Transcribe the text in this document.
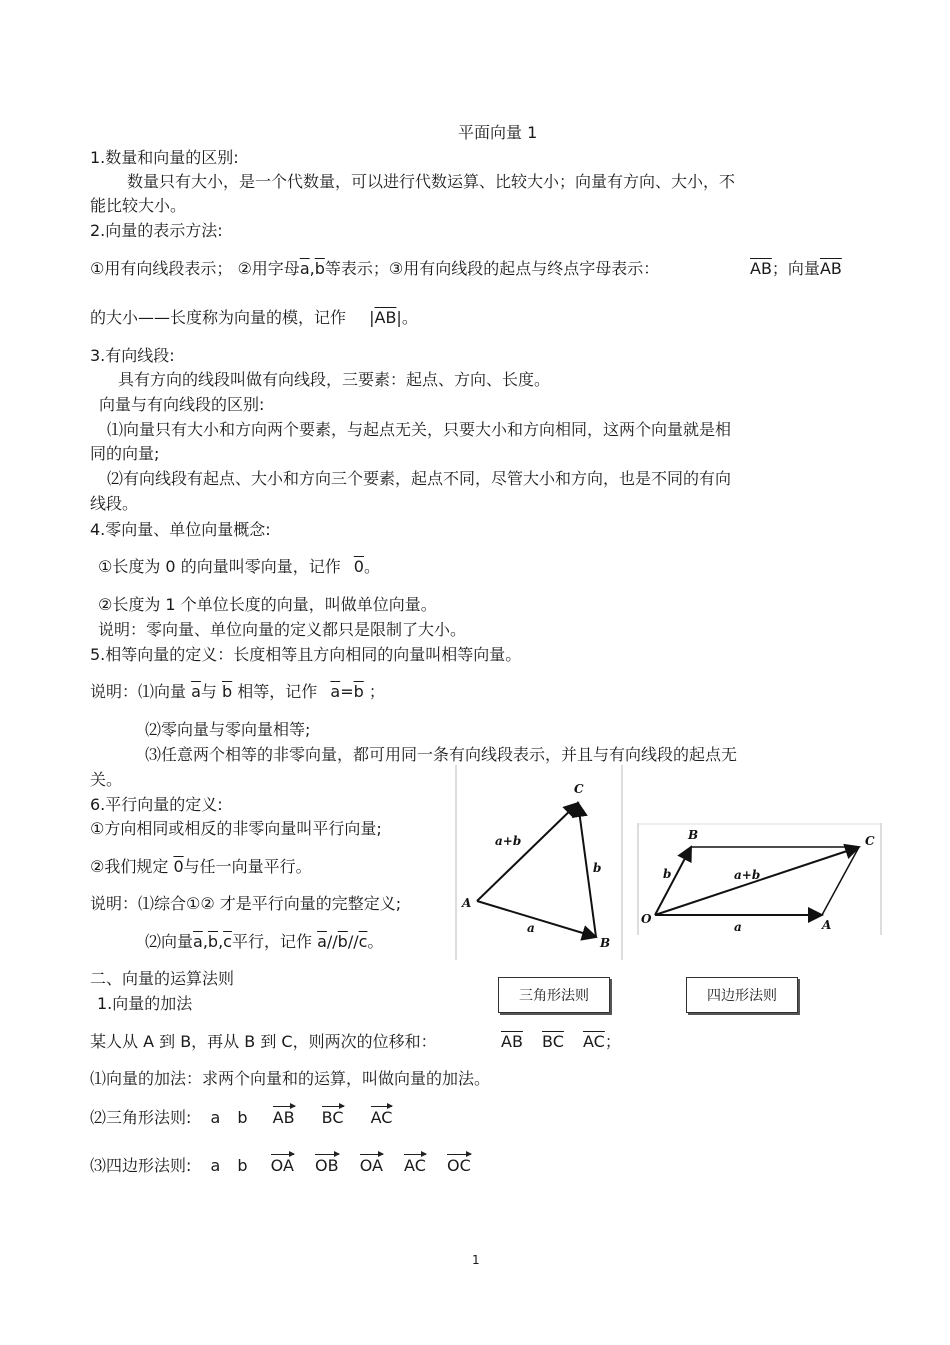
平面向量 1
1.数量和向量的区别:
数量只有大小，是一个代数量，可以进行代数运算、比较大小；向量有方向、大小，不
能比较大小。
2.向量的表示方法:
①用有向线段表示； ②用字母$\overline{a},\overline{b}$等表示；③用有向线段的起点与终点字母表示：	$\overline{AB}$；向量$\overline{AB}$
的大小——长度称为向量的模，记作 $|\overline{AB}|$。
3.有向线段:
具有方向的线段叫做有向线段，三要素：起点、方向、长度。
向量与有向线段的区别:
⑴向量只有大小和方向两个要素，与起点无关，只要大小和方向相同，这两个向量就是相
同的向量;
⑵有向线段有起点、大小和方向三个要素，起点不同，尽管大小和方向，也是不同的有向
线段。
4.零向量、单位向量概念:
①长度为 0 的向量叫零向量，记作 0。
②长度为 1 个单位长度的向量，叫做单位向量。
说明：零向量、单位向量的定义都只是限制了大小。
5.相等向量的定义：长度相等且方向相同的向量叫相等向量。
说明：⑴向量 $\overline{a}$与 $\overline{b}$ 相等，记作 $\overline{a}=\overline{b}$ ；
⑵零向量与零向量相等;
⑶任意两个相等的非零向量，都可用同一条有向线段表示，并且与有向线段的起点无
关。
6.平行向量的定义:
①方向相同或相反的非零向量叫平行向量;
②我们规定 0与任一向量平行。
说明：⑴综合①② 才是平行向量的完整定义;
⑵向量$\overline{a},\overline{b},\overline{c}$平行，记作 $\overline{a}//\overline{b}//\overline{c}$。
A
B
C
a
b
a+b
O	A
B	C
a
b	a+b
三角形法则	四边形法则
二、向量的运算法则
1.向量的加法
某人从 A 到 B，再从 B 到 C，则两次的位移和：	$\overline{AB}$ $\overline{BC}$ $\overline{AC}$；
⑴向量的加法：求两个向量和的运算，叫做向量的加法。
⑵三角形法则: a b AB BC AC
⑶四边形法则: a b OA OB OA AC OC
1
